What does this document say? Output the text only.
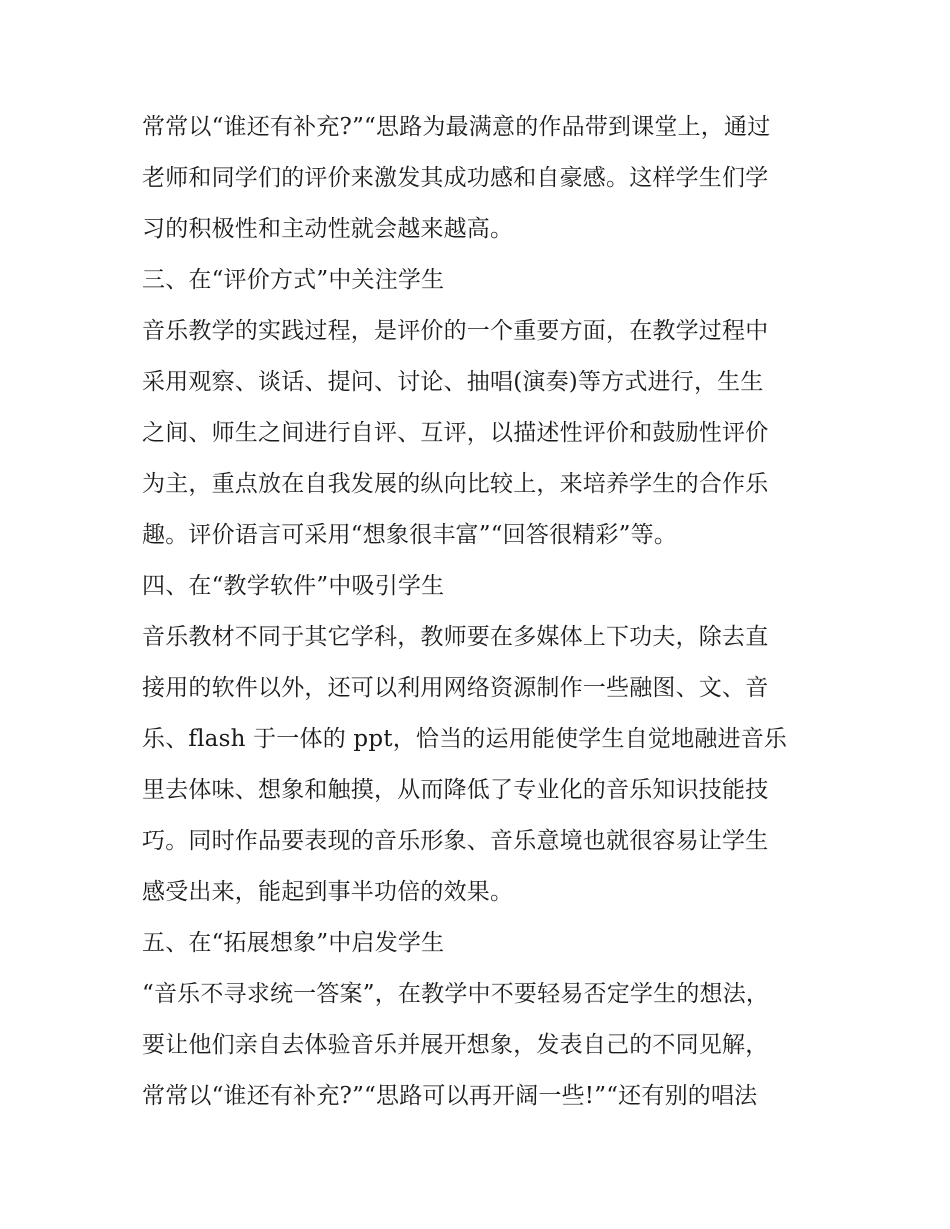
常常以“谁还有补充?”“思路为最满意的作品带到课堂上，通过
老师和同学们的评价来激发其成功感和自豪感。这样学生们学
习的积极性和主动性就会越来越高。
三、在“评价方式”中关注学生
音乐教学的实践过程，是评价的一个重要方面，在教学过程中
采用观察、谈话、提问、讨论、抽唱(演奏)等方式进行，生生
之间、师生之间进行自评、互评，以描述性评价和鼓励性评价
为主，重点放在自我发展的纵向比较上，来培养学生的合作乐
趣。评价语言可采用“想象很丰富”“回答很精彩”等。
四、在“教学软件”中吸引学生
音乐教材不同于其它学科，教师要在多媒体上下功夫，除去直
接用的软件以外，还可以利用网络资源制作一些融图、文、音
乐、flash 于一体的 ppt，恰当的运用能使学生自觉地融进音乐
里去体味、想象和触摸，从而降低了专业化的音乐知识技能技
巧。同时作品要表现的音乐形象、音乐意境也就很容易让学生
感受出来，能起到事半功倍的效果。
五、在“拓展想象”中启发学生
“音乐不寻求统一答案”，在教学中不要轻易否定学生的想法，
要让他们亲自去体验音乐并展开想象，发表自己的不同见解，
常常以“谁还有补充?”“思路可以再开阔一些!”“还有别的唱法
